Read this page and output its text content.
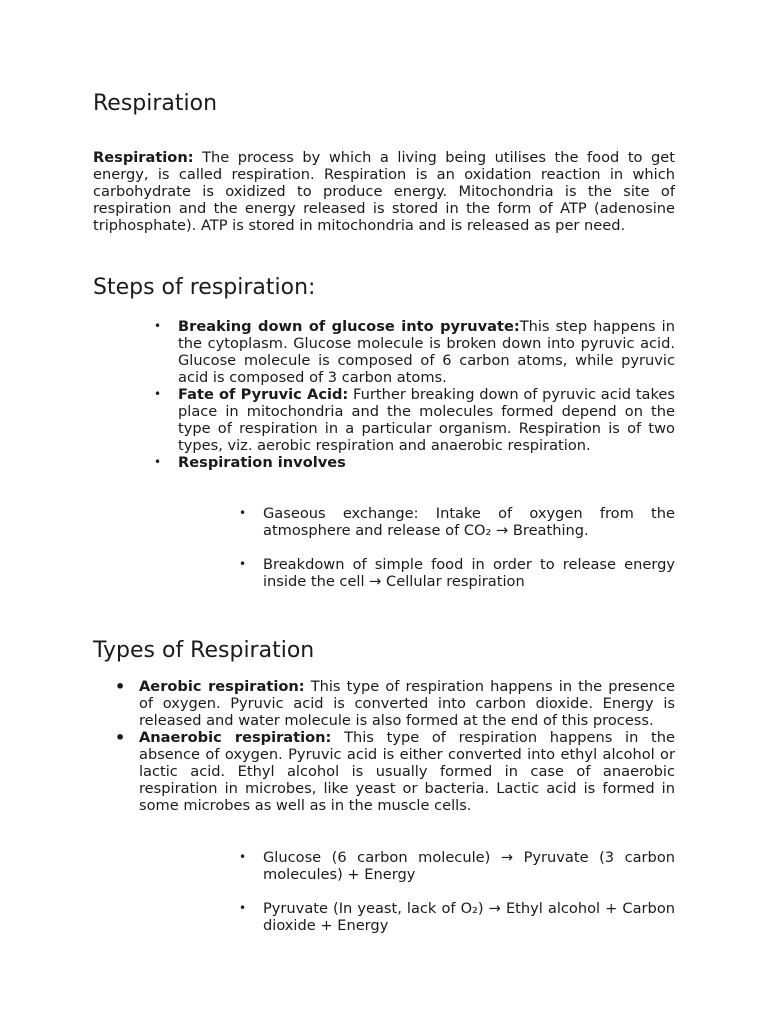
Respiration

Respiration: The process by which a living being utilises the food to get energy, is called respiration. Respiration is an oxidation reaction in which carbohydrate is oxidized to produce energy. Mitochondria is the site of respiration and the energy released is stored in the form of ATP (adenosine triphosphate). ATP is stored in mitochondria and is released as per need.

Steps of respiration:
• Breaking down of glucose into pyruvate:This step happens in the cytoplasm. Glucose molecule is broken down into pyruvic acid. Glucose molecule is composed of 6 carbon atoms, while pyruvic acid is composed of 3 carbon atoms.
• Fate of Pyruvic Acid: Further breaking down of pyruvic acid takes place in mitochondria and the molecules formed depend on the type of respiration in a particular organism. Respiration is of two types, viz. aerobic respiration and anaerobic respiration.
• Respiration involves
• Gaseous exchange: Intake of oxygen from the atmosphere and release of CO₂ → Breathing.
• Breakdown of simple food in order to release energy inside the cell → Cellular respiration
Types of Respiration
• Aerobic respiration: This type of respiration happens in the presence of oxygen. Pyruvic acid is converted into carbon dioxide. Energy is released and water molecule is also formed at the end of this process.
• Anaerobic respiration: This type of respiration happens in the absence of oxygen. Pyruvic acid is either converted into ethyl alcohol or lactic acid. Ethyl alcohol is usually formed in case of anaerobic respiration in microbes, like yeast or bacteria. Lactic acid is formed in some microbes as well as in the muscle cells.
• Glucose (6 carbon molecule) → Pyruvate (3 carbon molecules) + Energy
• Pyruvate (In yeast, lack of O₂) → Ethyl alcohol + Carbon dioxide + Energy
